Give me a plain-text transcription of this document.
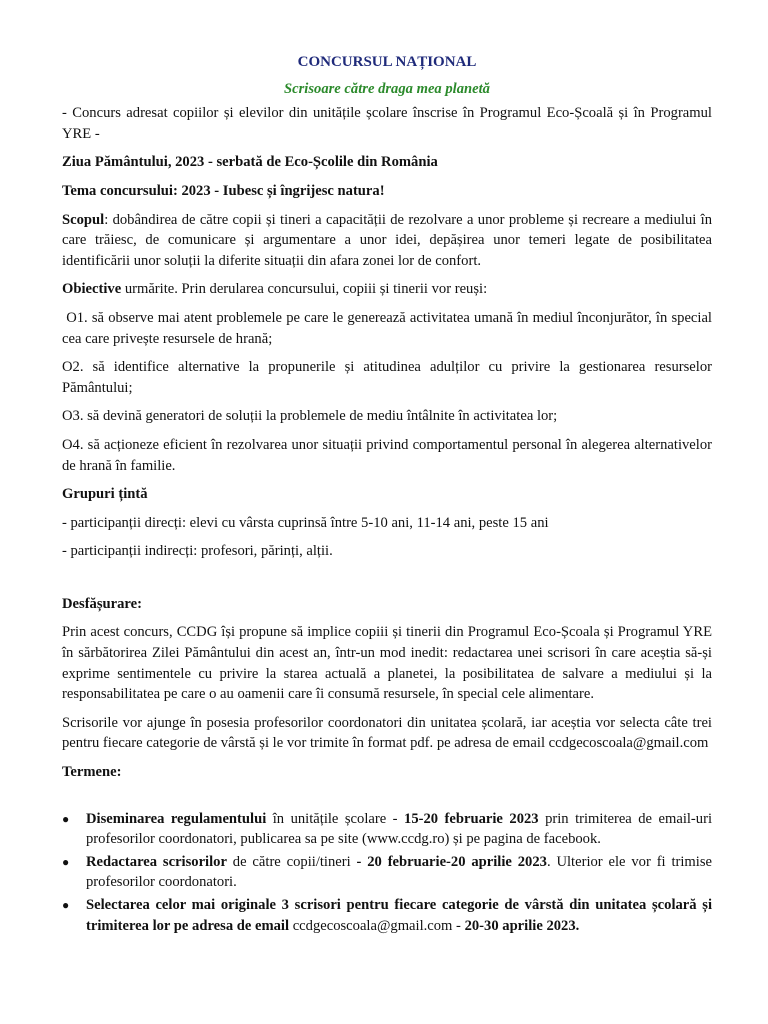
CONCURSUL NAȚIONAL
Scrisoare către draga mea planetă

- Concurs adresat copiilor și elevilor din unitățile școlare înscrise în Programul Eco-Școală și în Programul YRE -

Ziua Pământului, 2023 - serbată de Eco-Școlile din România

Tema concursului: 2023 - Iubesc și îngrijesc natura!

Scopul: dobândirea de către copii și tineri a capacității de rezolvare a unor probleme și recreare a mediului în care trăiesc, de comunicare și argumentare a unor idei, depășirea unor temeri legate de posibilitatea identificării unor soluții la diferite situații din afara zonei lor de confort.

Obiective urmărite. Prin derularea concursului, copiii și tinerii vor reuși:

O1. să observe mai atent problemele pe care le generează activitatea umană în mediul înconjurător, în special cea care privește resursele de hrană;

O2. să identifice alternative la propunerile și atitudinea adulților cu privire la gestionarea resurselor Pământului;

O3. să devină generatori de soluții la problemele de mediu întâlnite în activitatea lor;

O4. să acționeze eficient în rezolvarea unor situații privind comportamentul personal în alegerea alternativelor de hrană în familie.

Grupuri țintă

- participanții direcți: elevi cu vârsta cuprinsă între 5-10 ani, 11-14 ani, peste 15 ani

- participanții indirecți: profesori, părinți, alții.

Desfășurare:

Prin acest concurs, CCDG își propune să implice copiii și tinerii din Programul Eco-Școala și Programul YRE în sărbătorirea Zilei Pământului din acest an, într-un mod inedit: redactarea unei scrisori în care aceștia să-și exprime sentimentele cu privire la starea actuală a planetei, la posibilitatea de salvare a mediului și la responsabilitatea pe care o au oamenii care îi consumă resursele, în special cele alimentare.

Scrisorile vor ajunge în posesia profesorilor coordonatori din unitatea școlară, iar aceștia vor selecta câte trei pentru fiecare categorie de vârstă și le vor trimite în format pdf. pe adresa de email ccdgecoscoala@gmail.com

Termene:

● Diseminarea regulamentului în unitățile școlare - 15-20 februarie 2023 prin trimiterea de email-uri profesorilor coordonatori, publicarea sa pe site (www.ccdg.ro) și pe pagina de facebook.
● Redactarea scrisorilor de către copii/tineri - 20 februarie-20 aprilie 2023. Ulterior ele vor fi trimise profesorilor coordonatori.
● Selectarea celor mai originale 3 scrisori pentru fiecare categorie de vârstă din unitatea școlară și trimiterea lor pe adresa de email ccdgecoscoala@gmail.com - 20-30 aprilie 2023.
